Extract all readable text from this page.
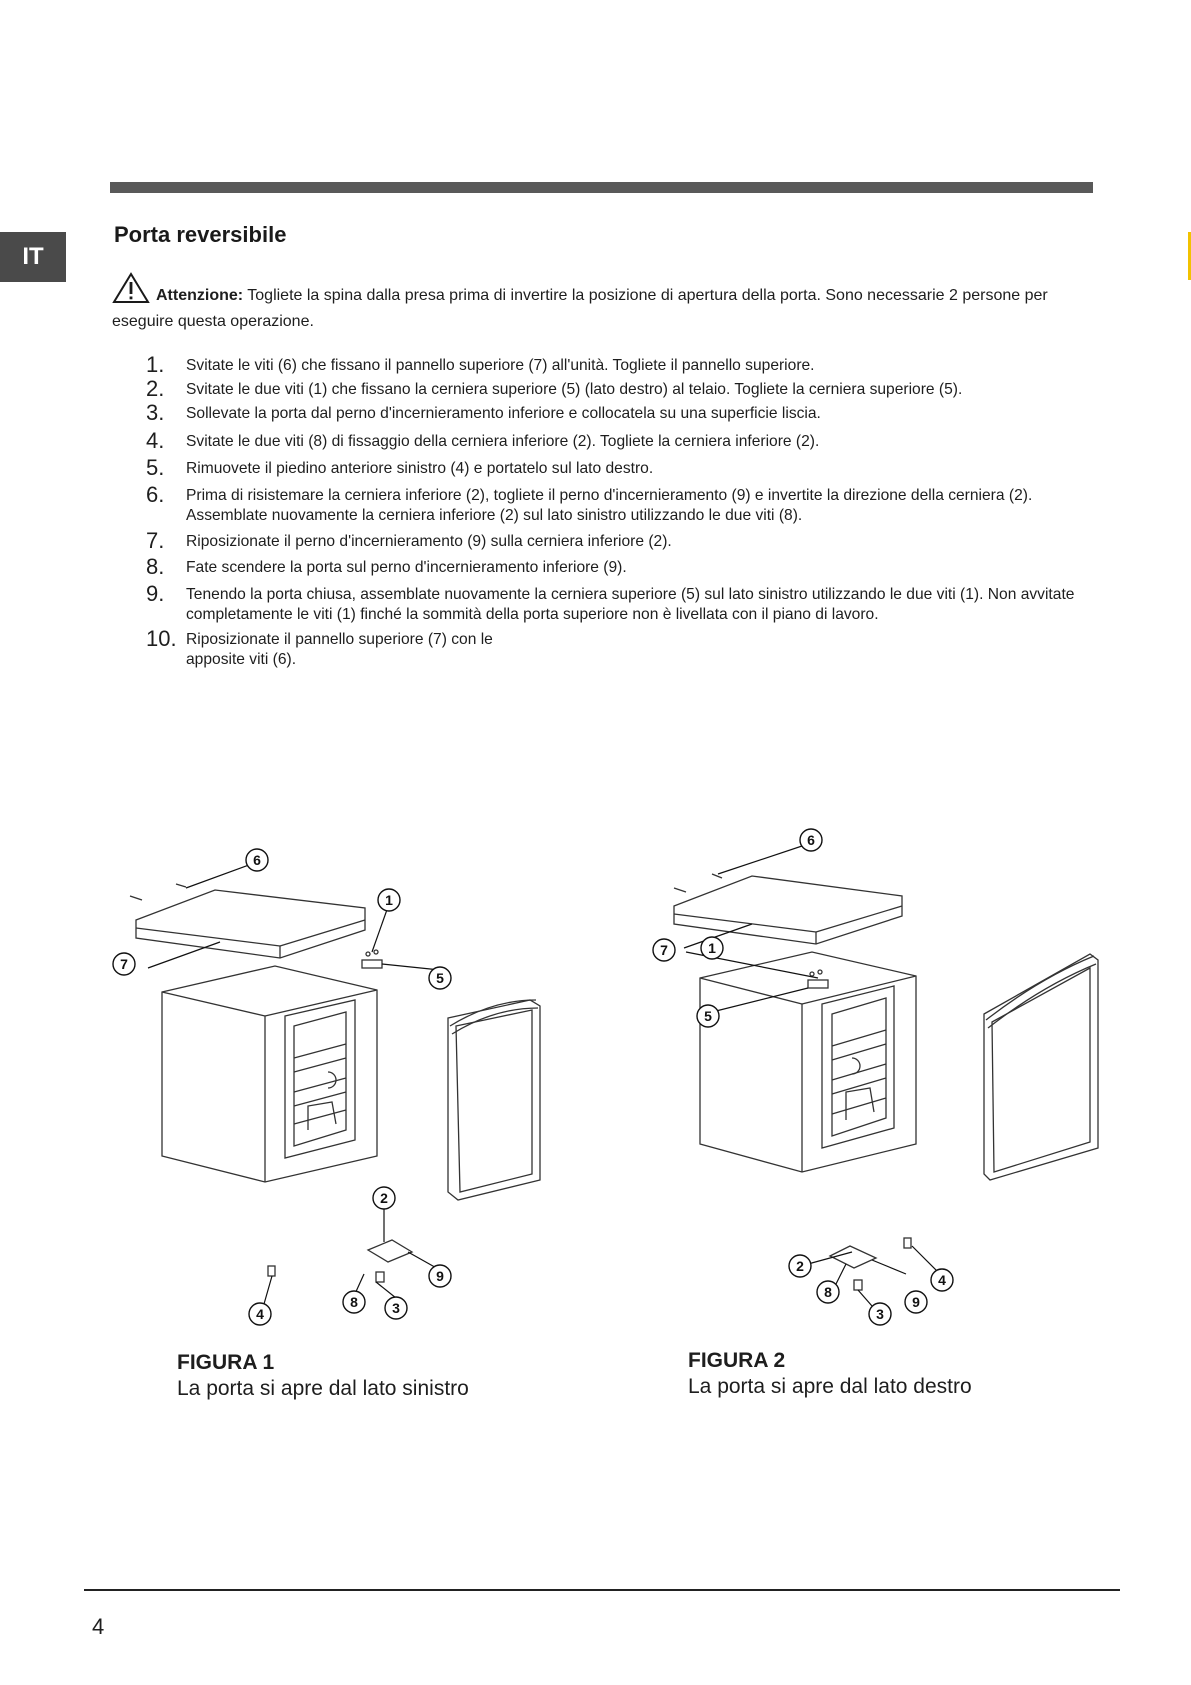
IT
Porta reversibile
Attenzione: Togliete la spina dalla presa prima di invertire la posizione di apertura della porta. Sono necessarie 2 persone per eseguire questa operazione.
1. Svitate le viti (6) che fissano il pannello superiore (7) all'unità. Togliete il pannello superiore.
2. Svitate le due viti (1) che fissano la cerniera superiore (5) (lato destro) al telaio. Togliete la cerniera superiore (5).
3. Sollevate la porta dal perno d'incernieramento inferiore e collocatela su una superficie liscia.
4. Svitate le due viti (8) di fissaggio della cerniera inferiore (2). Togliete la cerniera inferiore (2).
5. Rimuovete il piedino anteriore sinistro (4) e portatelo sul lato destro.
6. Prima di risistemare la cerniera inferiore (2), togliete il perno d'incernieramento (9) e invertite la direzione della cerniera (2). Assemblate nuovamente la cerniera inferiore (2) sul lato sinistro utilizzando le due viti (8).
7. Riposizionate il perno d'incernieramento (9) sulla cerniera inferiore (2).
8. Fate scendere la porta sul perno d'incernieramento inferiore (9).
9. Tenendo la porta chiusa, assemblate nuovamente la cerniera superiore (5) sul lato sinistro utilizzando le due viti (1). Non avvitate completamente le viti (1) finché la sommità della porta superiore non è livellata con il piano di lavoro.
10. Riposizionate il pannello superiore (7) con le apposite viti (6).
6
1
5
7
2
9
3
8
4
FIGURA 1
La porta si apre dal lato sinistro
6
7	1
5
4
2
9
8
3
FIGURA 2
La porta si apre dal lato destro
4
